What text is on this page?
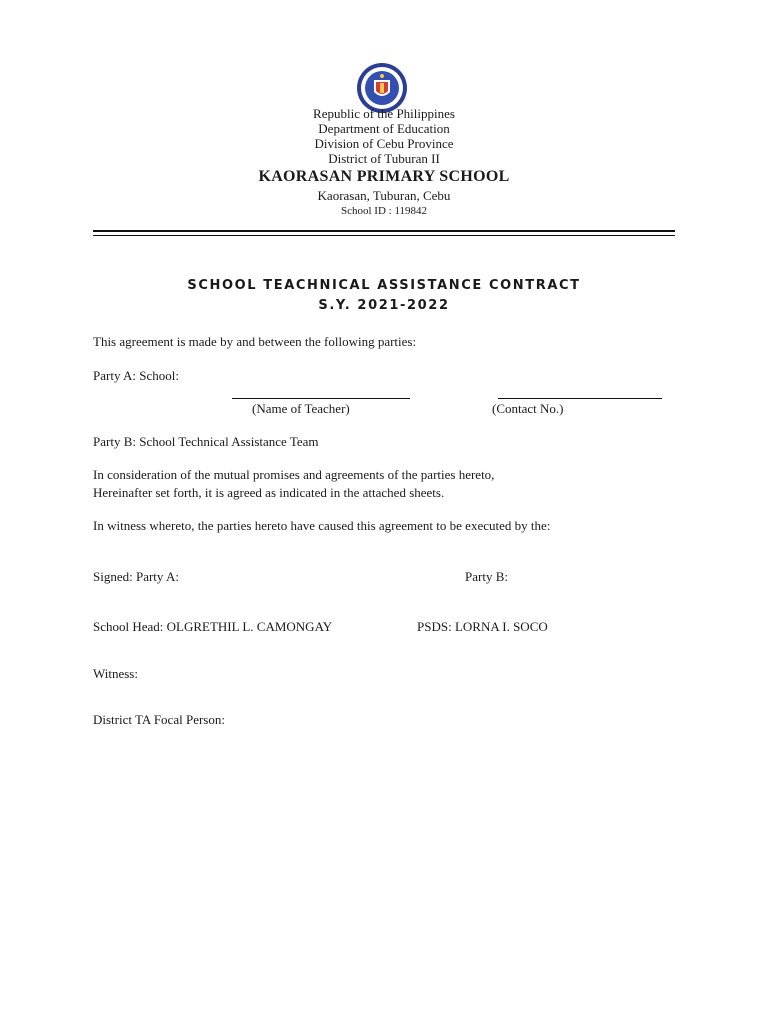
Republic of the Philippines
Department of Education
Division of Cebu Province
District of Tuburan II
KAORASAN PRIMARY SCHOOL
Kaorasan, Tuburan, Cebu
School ID : 119842
SCHOOL TEACHNICAL ASSISTANCE CONTRACT
S.Y. 2021-2022
This agreement is made by and between the following parties:
Party A: School:
(Name of Teacher)	(Contact No.)
Party B: School Technical Assistance Team
In consideration of the mutual promises and agreements of the parties hereto,
Hereinafter set forth, it is agreed as indicated in the attached sheets.
In witness whereto, the parties hereto have caused this agreement to be executed by the:
Signed: Party A:	Party B:
School Head: OLGRETHIL L. CAMONGAY	PSDS: LORNA I. SOCO
Witness:
District TA Focal Person:
